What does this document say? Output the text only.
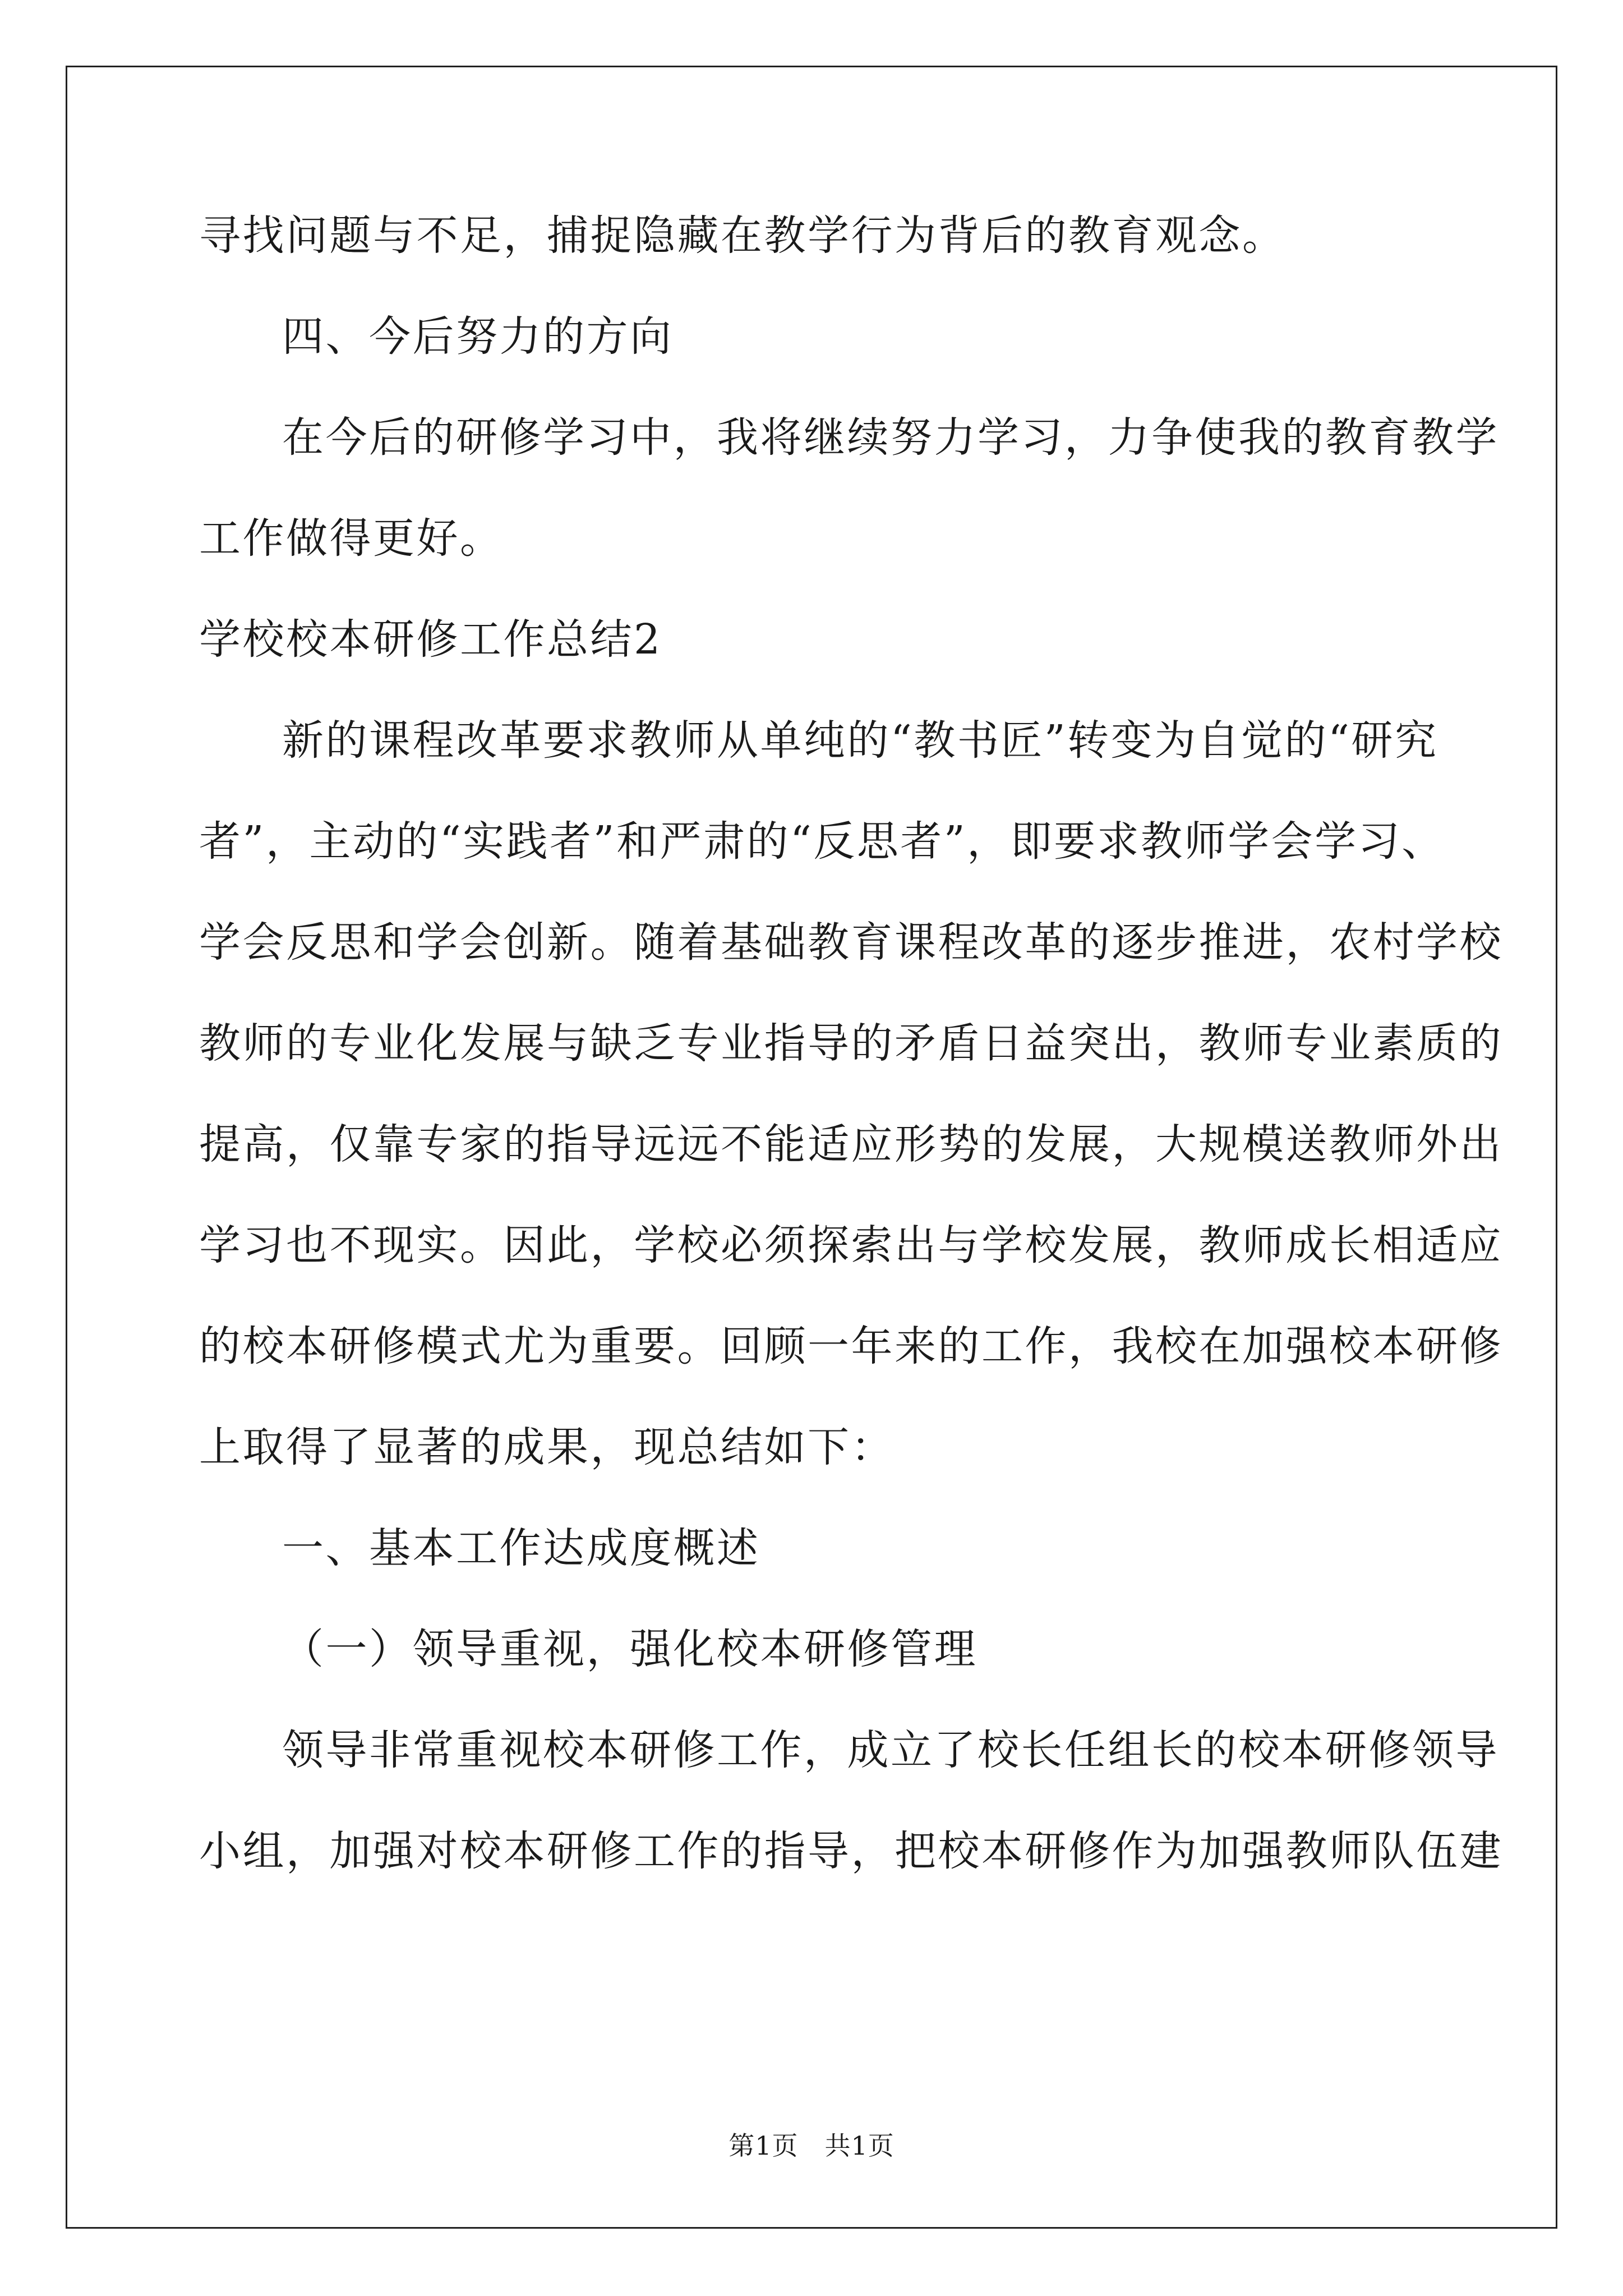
寻找问题与不足，捕捉隐藏在教学行为背后的教育观念。
四、今后努力的方向
在今后的研修学习中，我将继续努力学习，力争使我的教育教学
工作做得更好。
学校校本研修工作总结2
新的课程改革要求教师从单纯的“教书匠”转变为自觉的“研究
者”，主动的“实践者”和严肃的“反思者”，即要求教师学会学习、
学会反思和学会创新。随着基础教育课程改革的逐步推进，农村学校
教师的专业化发展与缺乏专业指导的矛盾日益突出，教师专业素质的
提高，仅靠专家的指导远远不能适应形势的发展，大规模送教师外出
学习也不现实。因此，学校必须探索出与学校发展，教师成长相适应
的校本研修模式尤为重要。回顾一年来的工作，我校在加强校本研修
上取得了显著的成果，现总结如下：
一、基本工作达成度概述
（一）领导重视，强化校本研修管理
领导非常重视校本研修工作，成立了校长任组长的校本研修领导
小组，加强对校本研修工作的指导，把校本研修作为加强教师队伍建
第1页　共1页
